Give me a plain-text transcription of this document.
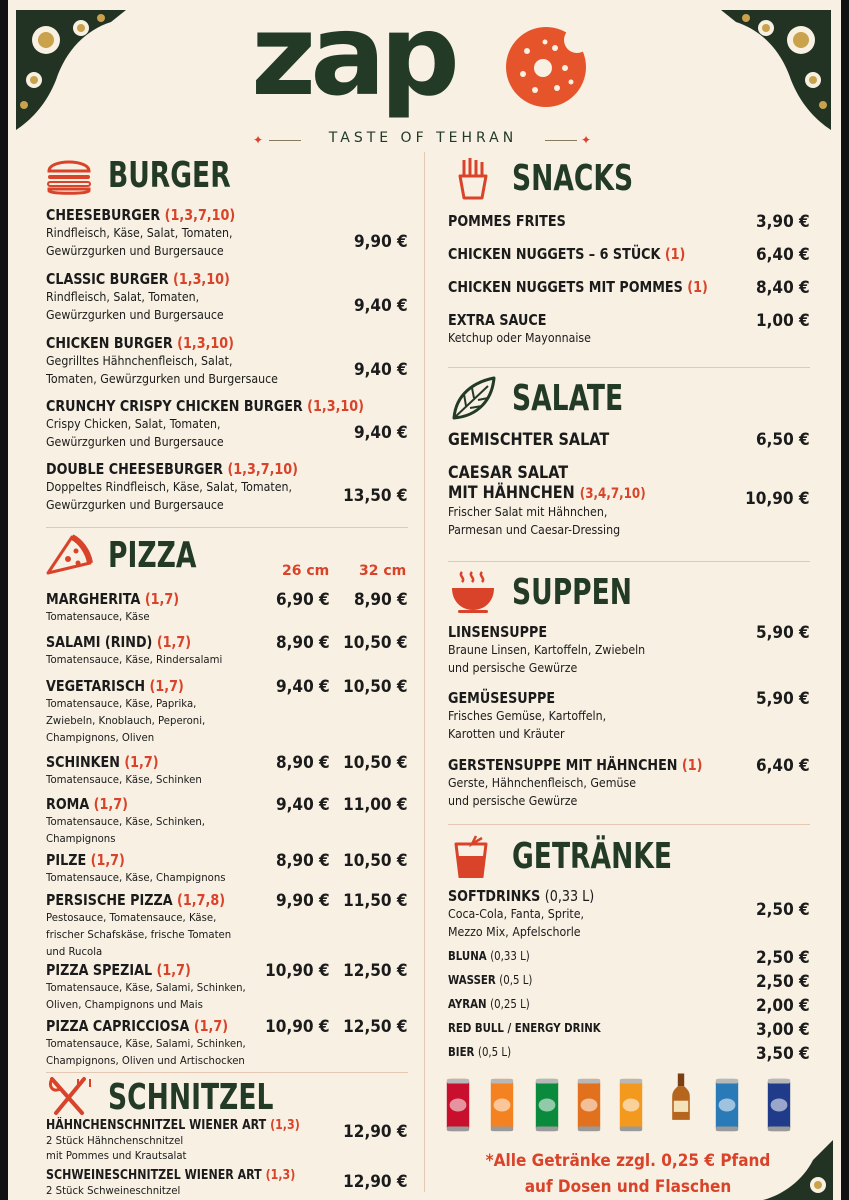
zap
✦	TASTE OF TEHRAN	✦
BURGER
CHEESEBURGER (1,3,7,10)
Rindfleisch, Käse, Salat, Tomaten,
Gewürzgurken und Burgersauce	9,90 €
CLASSIC BURGER (1,3,10)
Rindfleisch, Salat, Tomaten,
Gewürzgurken und Burgersauce	9,40 €
CHICKEN BURGER (1,3,10)
Gegrilltes Hähnchenfleisch, Salat,
Tomaten, Gewürzgurken und Burgersauce	9,40 €
CRUNCHY CRISPY CHICKEN BURGER (1,3,10)
Crispy Chicken, Salat, Tomaten,
Gewürzgurken und Burgersauce	9,40 €
DOUBLE CHEESEBURGER (1,3,7,10)
Doppeltes Rindfleisch, Käse, Salat, Tomaten,
Gewürzgurken und Burgersauce	13,50 €
PIZZA	26 cm 32 cm
MARGHERITA (1,7)
Tomatensauce, Käse
6,90 € 8,90 €
SALAMI (RIND) (1,7)
Tomatensauce, Käse, Rindersalami
8,90 € 10,50 €
VEGETARISCH (1,7)
Tomatensauce, Käse, Paprika,
Zwiebeln, Knoblauch, Peperoni,
Champignons, Oliven
9,40 € 10,50 €
SCHINKEN (1,7)
Tomatensauce, Käse, Schinken
8,90 € 10,50 €
ROMA (1,7)
Tomatensauce, Käse, Schinken,
Champignons
9,40 € 11,00 €
PILZE (1,7)
Tomatensauce, Käse, Champignons
8,90 € 10,50 €
PERSISCHE PIZZA (1,7,8)
Pestosauce, Tomatensauce, Käse,
frischer Schafskäse, frische Tomaten
und Rucola
9,90 € 11,50 €
PIZZA SPEZIAL (1,7)
Tomatensauce, Käse, Salami, Schinken,
Oliven, Champignons und Mais
10,90 € 12,50 €
PIZZA CAPRICCIOSA (1,7)
Tomatensauce, Käse, Salami, Schinken,
Champignons, Oliven und Artischocken
10,90 € 12,50 €
SCHNITZEL
HÄHNCHENSCHNITZEL WIENER ART (1,3)
2 Stück Hähnchenschnitzel
mit Pommes und Krautsalat
12,90 €
SCHWEINESCHNITZEL WIENER ART (1,3)
2 Stück Schweineschnitzel	12,90 €
SNACKS
POMMES FRITES	3,90 €
CHICKEN NUGGETS – 6 STÜCK (1)	6,40 €
CHICKEN NUGGETS MIT POMMES (1)	8,40 €
EXTRA SAUCE
Ketchup oder Mayonnaise
1,00 €
SALATE
GEMISCHTER SALAT	6,50 €
CAESAR SALAT
MIT HÄHNCHEN (3,4,7,10)
Frischer Salat mit Hähnchen,
Parmesan und Caesar-Dressing
10,90 €
SUPPEN
LINSENSUPPE
Braune Linsen, Kartoffeln, Zwiebeln
und persische Gewürze
5,90 €
GEMÜSESUPPE
Frisches Gemüse, Kartoffeln,
Karotten und Kräuter
5,90 €
GERSTENSUPPE MIT HÄHNCHEN (1)
Gerste, Hähnchenfleisch, Gemüse
und persische Gewürze
6,40 €
GETRÄNKE
SOFTDRINKS (0,33 L)
Coca-Cola, Fanta, Sprite,
Mezzo Mix, Apfelschorle
2,50 €
BLUNA (0,33 L)	2,50 €
WASSER (0,5 L)	2,50 €
AYRAN (0,25 L)	2,00 €
RED BULL / ENERGY DRINK	3,00 €
BIER (0,5 L)	3,50 €
*Alle Getränke zzgl. 0,25 € Pfand
auf Dosen und Flaschen
